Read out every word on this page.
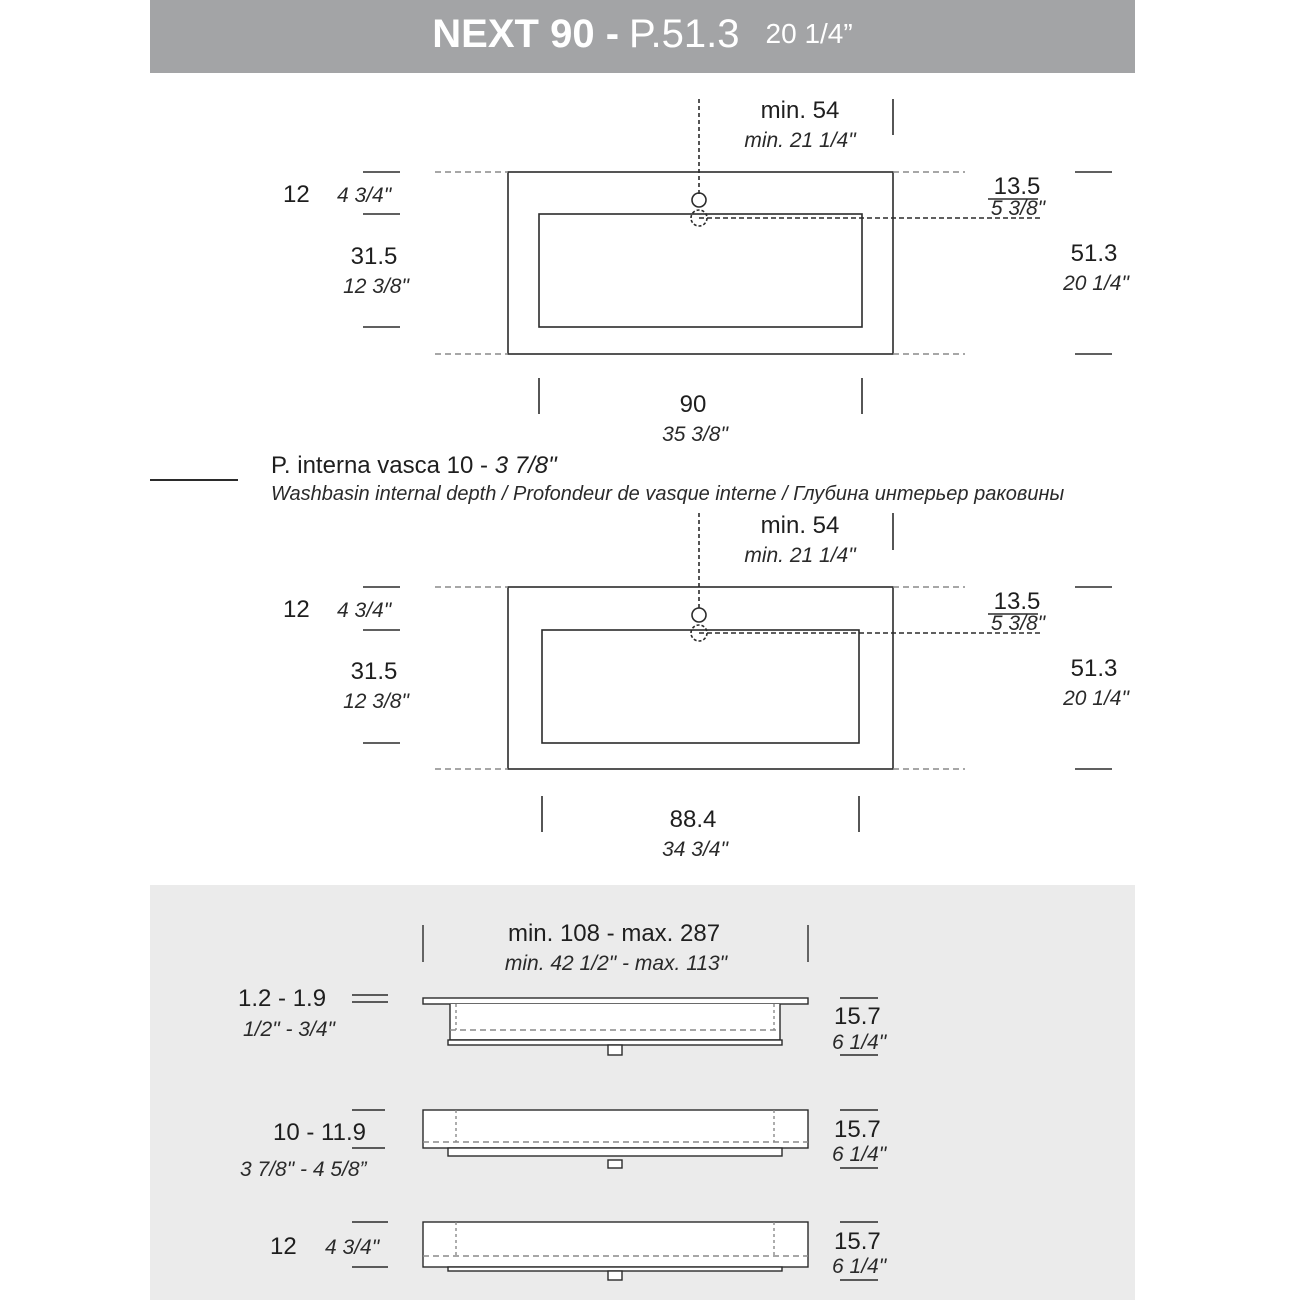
NEXT 90 - P.51.3 20 1/4”
min. 54
min. 21 1/4"
12 4 3/4"
31.5
12 3/8"
13.5
5 3/8"
51.3
20 1/4"
90
35 3/8"
P. interna vasca 10 - 3 7/8"
Washbasin internal depth / Profondeur de vasque interne / Глубина интерьер раковины
min. 54
min. 21 1/4"
12 4 3/4"
31.5
12 3/8"
13.5
5 3/8"
51.3
20 1/4"
88.4
34 3/4"
min. 108 - max. 287
min. 42 1/2" - max. 113"
1.2 - 1.9
1/2" - 3/4"	15.7
6 1/4"
10 - 11.9
3 7/8" - 4 5/8”
15.7
6 1/4"
12 4 3/4"	15.7
6 1/4"
